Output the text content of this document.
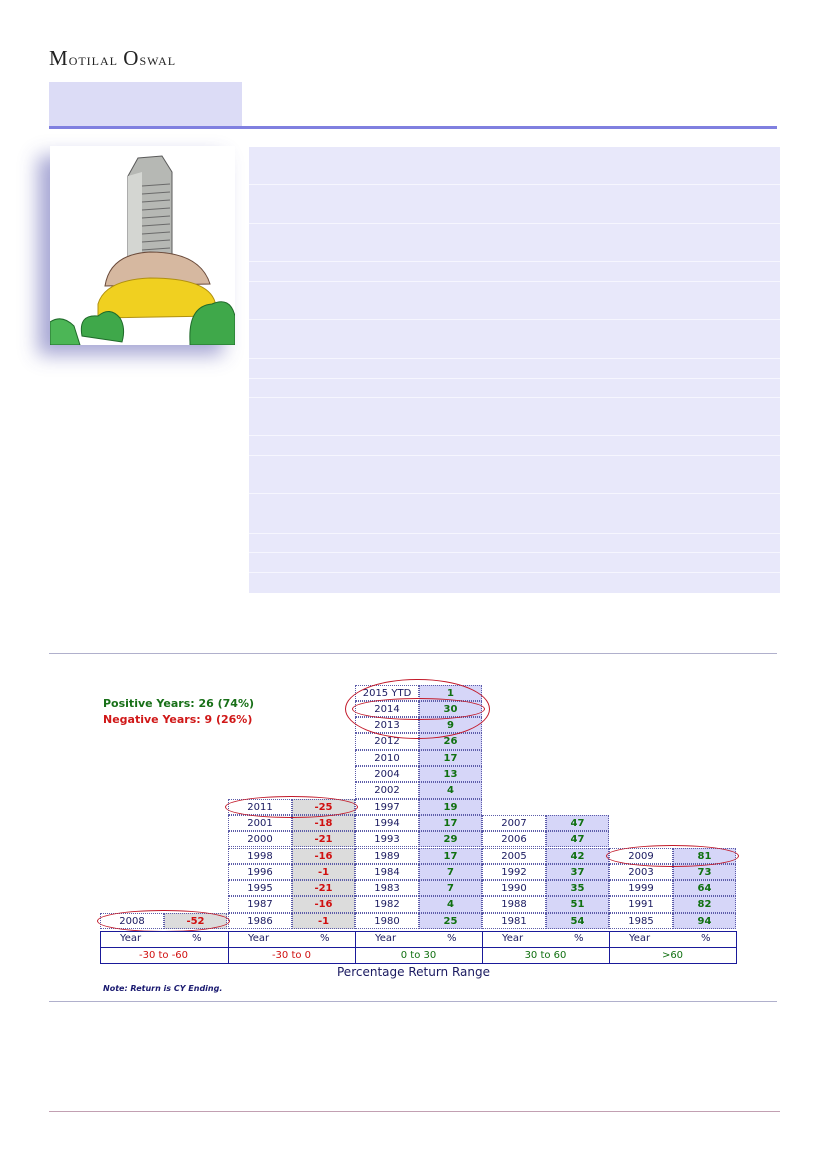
Motilal Oswal
Positive Years: 26 (74%)
Negative Years: 9 (26%)
2008	-52
Year	%
-30 to -60
2011	-25
2001	-18
2000	-21
1998	-16
1996	-1
1995	-21
1987	-16
1986	-1
Year	%
-30 to 0
2015 YTD	1
2014	30
2013	9
2012	26
2010	17
2004	13
2002	4
1997	19
1994	17
1993	29
1989	17
1984	7
1983	7
1982	4
1980	25
Year	%
0 to 30
2007	47
2006	47
2005	42
1992	37
1990	35
1988	51
1981	54
Year	%
30 to 60
2009	81
2003	73
1999	64
1991	82
1985	94
Year	%
>60
Percentage Return Range
Note: Return is CY Ending.
